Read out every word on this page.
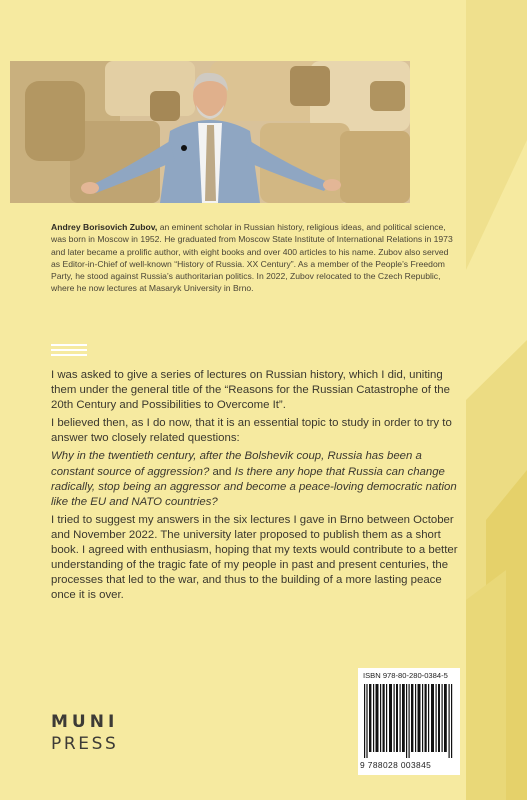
Andrey Borisovich Zubov, an eminent scholar in Russian history, religious ideas, and political science, was born in Moscow in 1952. He graduated from Moscow State Institute of International Relations in 1973 and later became a prolific author, with eight books and over 400 articles to his name. Zubov also served as Editor-in-Chief of well-known “History of Russia. XX Century”. As a member of the People’s Freedom Party, he stood against Russia’s authoritarian politics. In 2022, Zubov relocated to the Czech Republic, where he now lectures at Masaryk University in Brno.

I was asked to give a series of lectures on Russian history, which I did, uniting them under the general title of the “Reasons for the Russian Catastrophe of the 20th Century and Possibilities to Overcome It”.

I believed then, as I do now, that it is an essential topic to study in order to try to answer two closely related questions:

Why in the twentieth century, after the Bolshevik coup, Russia has been a constant source of aggression? and Is there any hope that Russia can change radically, stop being an aggressor and become a peace-loving democratic nation like the EU and NATO countries?

I tried to suggest my answers in the six lectures I gave in Brno between October and November 2022. The university later proposed to publish them as a short book. I agreed with enthusiasm, hoping that my texts would contribute to a better understanding of the tragic fate of my people in past and present centuries, the processes that led to the war, and thus to the building of a more lasting peace once it is over.

ISBN 978-80-280-0384-5
9 788028 003845
MUNI
PRESS
